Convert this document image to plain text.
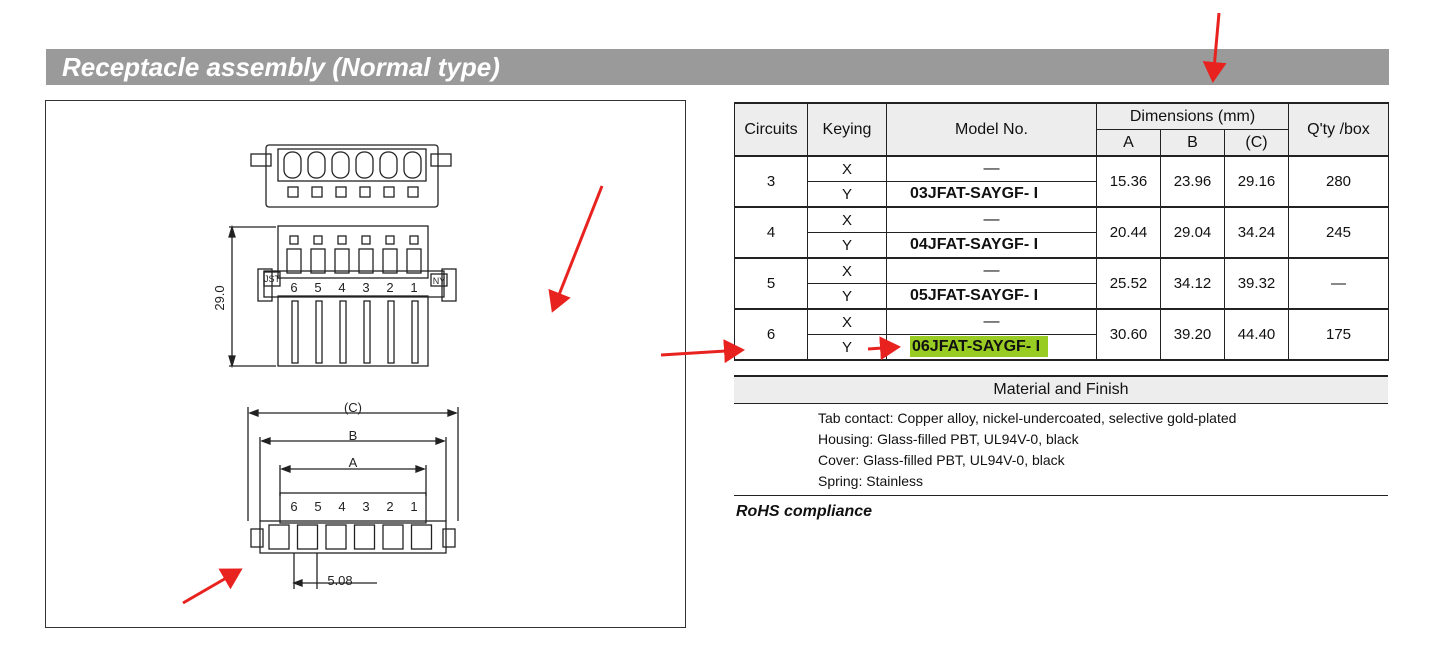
Receptacle assembly (Normal type)
29.0
(C)
B
A
5.08
JST	NY
6 5 4 3 2 1
6 5 4 3 2 1
Circuits	Keying	Model No.	Dimensions (mm)			Q'ty /box
			A	B	(C)	
3	X	—	15.36	23.96	29.16	280
	Y	03JFAT-SAYGF- I				
4	X	—	20.44	29.04	34.24	245
	Y	04JFAT-SAYGF- I				
5	X	—	25.52	34.12	39.32	—
	Y	05JFAT-SAYGF- I				
6	X	—	30.60	39.20	44.40	175
	Y	06JFAT-SAYGF- I				
Material and Finish
Tab contact: Copper alloy, nickel-undercoated, selective gold-plated
Housing: Glass-filled PBT, UL94V-0, black
Cover: Glass-filled PBT, UL94V-0, black
Spring: Stainless
RoHS compliance
